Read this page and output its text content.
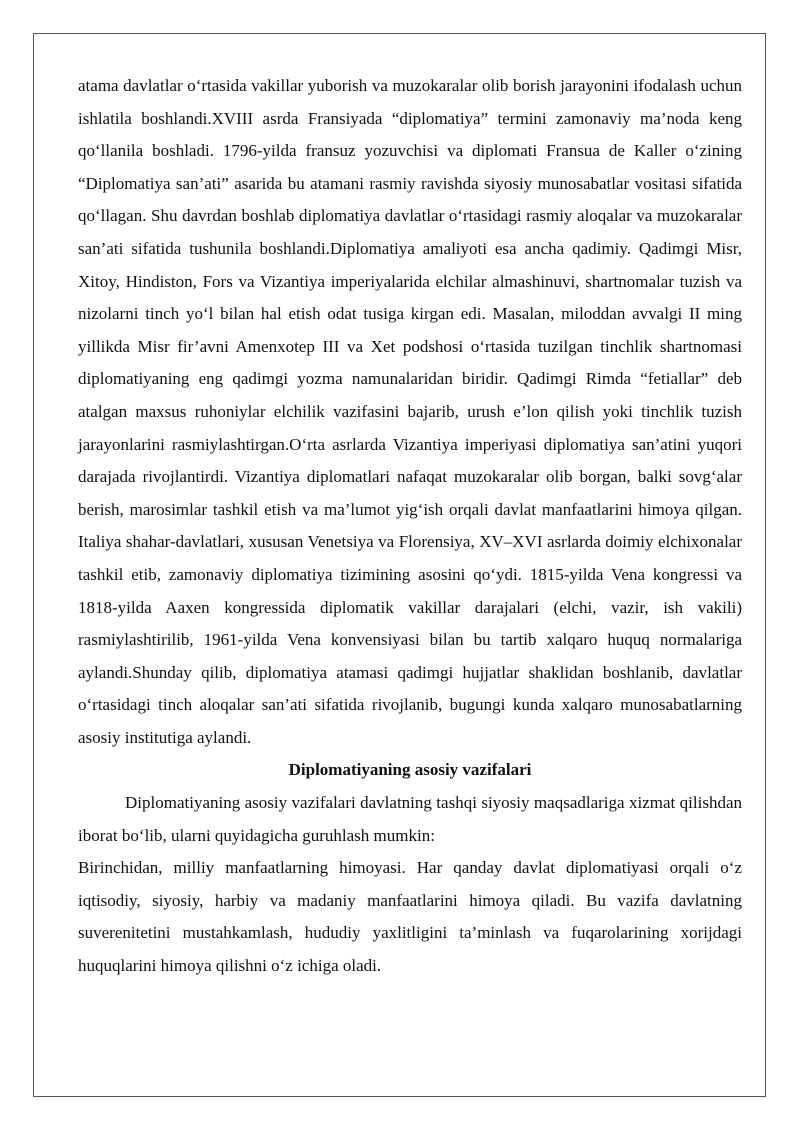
atama davlatlar o‘rtasida vakillar yuborish va muzokaralar olib borish jarayonini ifodalash uchun ishlatila boshlandi.XVIII asrda Fransiyada “diplomatiya” termini zamonaviy ma’noda keng qo‘llanila boshladi. 1796-yilda fransuz yozuvchisi va diplomati Fransua de Kaller o‘zining “Diplomatiya san’ati” asarida bu atamani rasmiy ravishda siyosiy munosabatlar vositasi sifatida qo‘llagan. Shu davrdan boshlab diplomatiya davlatlar o‘rtasidagi rasmiy aloqalar va muzokaralar san’ati sifatida tushunila boshlandi.Diplomatiya amaliyoti esa ancha qadimiy. Qadimgi Misr, Xitoy, Hindiston, Fors va Vizantiya imperiyalarida elchilar almashinuvi, shartnomalar tuzish va nizolarni tinch yo‘l bilan hal etish odat tusiga kirgan edi. Masalan, miloddan avvalgi II ming yillikda Misr fir’avni Amenxotep III va Xet podshosi o‘rtasida tuzilgan tinchlik shartnomasi diplomatiyaning eng qadimgi yozma namunalaridan biridir. Qadimgi Rimda “fetiallar” deb atalgan maxsus ruhoniylar elchilik vazifasini bajarib, urush e’lon qilish yoki tinchlik tuzish jarayonlarini rasmiylashtirgan.O‘rta asrlarda Vizantiya imperiyasi diplomatiya san’atini yuqori darajada rivojlantirdi. Vizantiya diplomatlari nafaqat muzokaralar olib borgan, balki sovg‘alar berish, marosimlar tashkil etish va ma’lumot yig‘ish orqali davlat manfaatlarini himoya qilgan. Italiya shahar-davlatlari, xususan Venetsiya va Florensiya, XV–XVI asrlarda doimiy elchixonalar tashkil etib, zamonaviy diplomatiya tizimining asosini qo‘ydi. 1815-yilda Vena kongressi va 1818-yilda Aaxen kongressida diplomatik vakillar darajalari (elchi, vazir, ish vakili) rasmiylashtirilib, 1961-yilda Vena konvensiyasi bilan bu tartib xalqaro huquq normalariga aylandi.Shunday qilib, diplomatiya atamasi qadimgi hujjatlar shaklidan boshlanib, davlatlar o‘rtasidagi tinch aloqalar san’ati sifatida rivojlanib, bugungi kunda xalqaro munosabatlarning asosiy institutiga aylandi.

Diplomatiyaning asosiy vazifalari

Diplomatiyaning asosiy vazifalari davlatning tashqi siyosiy maqsadlariga xizmat qilishdan iborat bo‘lib, ularni quyidagicha guruhlash mumkin:

Birinchidan, milliy manfaatlarning himoyasi. Har qanday davlat diplomatiyasi orqali o‘z iqtisodiy, siyosiy, harbiy va madaniy manfaatlarini himoya qiladi. Bu vazifa davlatning suverenitetini mustahkamlash, hududiy yaxlitligini ta’minlash va fuqarolarining xorijdagi huquqlarini himoya qilishni o‘z ichiga oladi.
